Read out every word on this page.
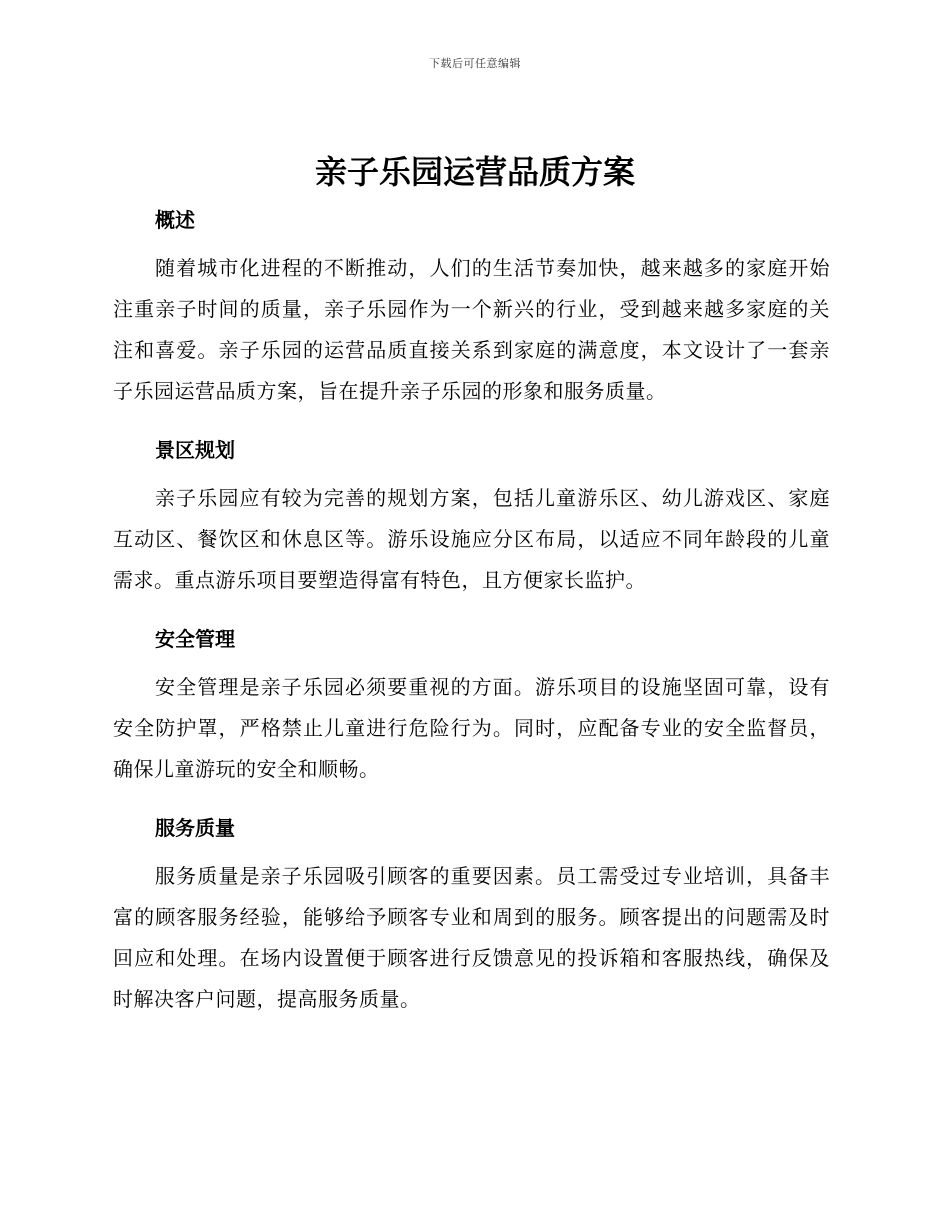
下载后可任意编辑
亲子乐园运营品质方案
概述

随着城市化进程的不断推动，人们的生活节奏加快，越来越多的家庭开始注重亲子时间的质量，亲子乐园作为一个新兴的行业，受到越来越多家庭的关注和喜爱。亲子乐园的运营品质直接关系到家庭的满意度，本文设计了一套亲子乐园运营品质方案，旨在提升亲子乐园的形象和服务质量。

景区规划

亲子乐园应有较为完善的规划方案，包括儿童游乐区、幼儿游戏区、家庭互动区、餐饮区和休息区等。游乐设施应分区布局，以适应不同年龄段的儿童需求。重点游乐项目要塑造得富有特色，且方便家长监护。

安全管理

安全管理是亲子乐园必须要重视的方面。游乐项目的设施坚固可靠，设有安全防护罩，严格禁止儿童进行危险行为。同时，应配备专业的安全监督员，确保儿童游玩的安全和顺畅。

服务质量

服务质量是亲子乐园吸引顾客的重要因素。员工需受过专业培训，具备丰富的顾客服务经验，能够给予顾客专业和周到的服务。顾客提出的问题需及时回应和处理。在场内设置便于顾客进行反馈意见的投诉箱和客服热线，确保及时解决客户问题，提高服务质量。
